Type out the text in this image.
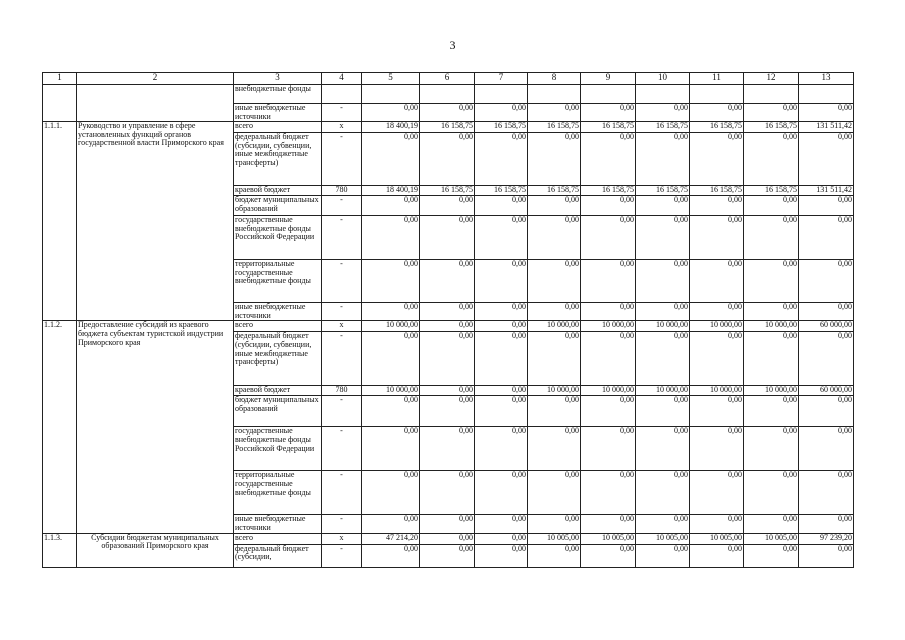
3
1	2	3	4	5	6	7	8	9	10	11	12	13
		внебюджетные фонды										
		иные внебюджетные источники	-	0,00	0,00	0,00	0,00	0,00	0,00	0,00	0,00	0,00
1.1.1.	Руководство и управление в сфере установленных функций органов государственной власти Приморского края	всего	х	18 400,19	16 158,75	16 158,75	16 158,75	16 158,75	16 158,75	16 158,75	16 158,75	131 511,42
		федеральный бюджет (субсидии, субвенции, иные межбюджетные трансферты)	-	0,00	0,00	0,00	0,00	0,00	0,00	0,00	0,00	0,00
		краевой бюджет	780	18 400,19	16 158,75	16 158,75	16 158,75	16 158,75	16 158,75	16 158,75	16 158,75	131 511,42
		бюджет муниципальных образований	-	0,00	0,00	0,00	0,00	0,00	0,00	0,00	0,00	0,00
		государственные внебюджетные фонды Российской Федерации	-	0,00	0,00	0,00	0,00	0,00	0,00	0,00	0,00	0,00
		территориальные государственные внебюджетные фонды	-	0,00	0,00	0,00	0,00	0,00	0,00	0,00	0,00	0,00
		иные внебюджетные источники	-	0,00	0,00	0,00	0,00	0,00	0,00	0,00	0,00	0,00
1.1.2.	Предоставление субсидий из краевого бюджета субъектам туристской индустрии Приморского края	всего	х	10 000,00	0,00	0,00	10 000,00	10 000,00	10 000,00	10 000,00	10 000,00	60 000,00
		федеральный бюджет (субсидии, субвенции, иные межбюджетные трансферты)	-	0,00	0,00	0,00	0,00	0,00	0,00	0,00	0,00	0,00
		краевой бюджет	780	10 000,00	0,00	0,00	10 000,00	10 000,00	10 000,00	10 000,00	10 000,00	60 000,00
		бюджет муниципальных образований	-	0,00	0,00	0,00	0,00	0,00	0,00	0,00	0,00	0,00
		государственные внебюджетные фонды Российской Федерации	-	0,00	0,00	0,00	0,00	0,00	0,00	0,00	0,00	0,00
		территориальные государственные внебюджетные фонды	-	0,00	0,00	0,00	0,00	0,00	0,00	0,00	0,00	0,00
		иные внебюджетные источники	-	0,00	0,00	0,00	0,00	0,00	0,00	0,00	0,00	0,00
1.1.3.	Субсидии бюджетам муниципальных образований Приморского края	всего	х	47 214,20	0,00	0,00	10 005,00	10 005,00	10 005,00	10 005,00	10 005,00	97 239,20
		федеральный бюджет (субсидии,	-	0,00	0,00	0,00	0,00	0,00	0,00	0,00	0,00	0,00
